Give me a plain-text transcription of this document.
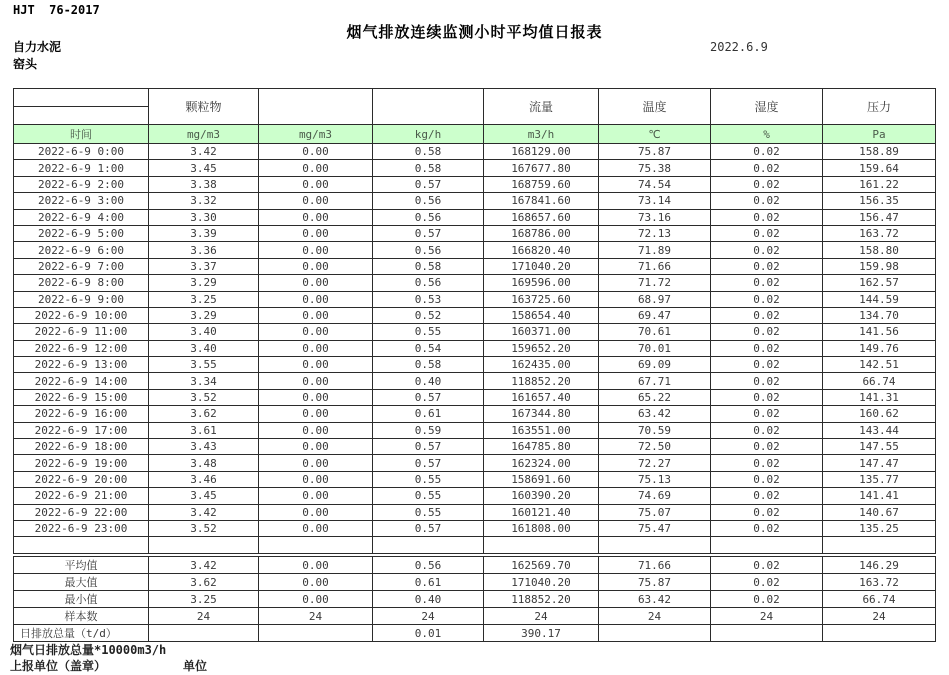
HJT  76-2017
烟气排放连续监测小时平均值日报表
自力水泥
窑头
2022.6.9
	颗粒物			流量	温度	湿度	压力

时间	mg/m3	mg/m3	kg/h	m3/h	℃	%	Pa
2022-6-9 0:00	3.42	0.00	0.58	168129.00	75.87	0.02	158.89
2022-6-9 1:00	3.45	0.00	0.58	167677.80	75.38	0.02	159.64
2022-6-9 2:00	3.38	0.00	0.57	168759.60	74.54	0.02	161.22
2022-6-9 3:00	3.32	0.00	0.56	167841.60	73.14	0.02	156.35
2022-6-9 4:00	3.30	0.00	0.56	168657.60	73.16	0.02	156.47
2022-6-9 5:00	3.39	0.00	0.57	168786.00	72.13	0.02	163.72
2022-6-9 6:00	3.36	0.00	0.56	166820.40	71.89	0.02	158.80
2022-6-9 7:00	3.37	0.00	0.58	171040.20	71.66	0.02	159.98
2022-6-9 8:00	3.29	0.00	0.56	169596.00	71.72	0.02	162.57
2022-6-9 9:00	3.25	0.00	0.53	163725.60	68.97	0.02	144.59
2022-6-9 10:00	3.29	0.00	0.52	158654.40	69.47	0.02	134.70
2022-6-9 11:00	3.40	0.00	0.55	160371.00	70.61	0.02	141.56
2022-6-9 12:00	3.40	0.00	0.54	159652.20	70.01	0.02	149.76
2022-6-9 13:00	3.55	0.00	0.58	162435.00	69.09	0.02	142.51
2022-6-9 14:00	3.34	0.00	0.40	118852.20	67.71	0.02	66.74
2022-6-9 15:00	3.52	0.00	0.57	161657.40	65.22	0.02	141.31
2022-6-9 16:00	3.62	0.00	0.61	167344.80	63.42	0.02	160.62
2022-6-9 17:00	3.61	0.00	0.59	163551.00	70.59	0.02	143.44
2022-6-9 18:00	3.43	0.00	0.57	164785.80	72.50	0.02	147.55
2022-6-9 19:00	3.48	0.00	0.57	162324.00	72.27	0.02	147.47
2022-6-9 20:00	3.46	0.00	0.55	158691.60	75.13	0.02	135.77
2022-6-9 21:00	3.45	0.00	0.55	160390.20	74.69	0.02	141.41
2022-6-9 22:00	3.42	0.00	0.55	160121.40	75.07	0.02	140.67
2022-6-9 23:00	3.52	0.00	0.57	161808.00	75.47	0.02	135.25

平均值	3.42	0.00	0.56	162569.70	71.66	0.02	146.29
最大值	3.62	0.00	0.61	171040.20	75.87	0.02	163.72
最小值	3.25	0.00	0.40	118852.20	63.42	0.02	66.74
样本数	24	24	24	24	24	24	24
日排放总量（t/d）			0.01	390.17			
烟气日排放总量*10000m3/h
上报单位（盖章）	单位
